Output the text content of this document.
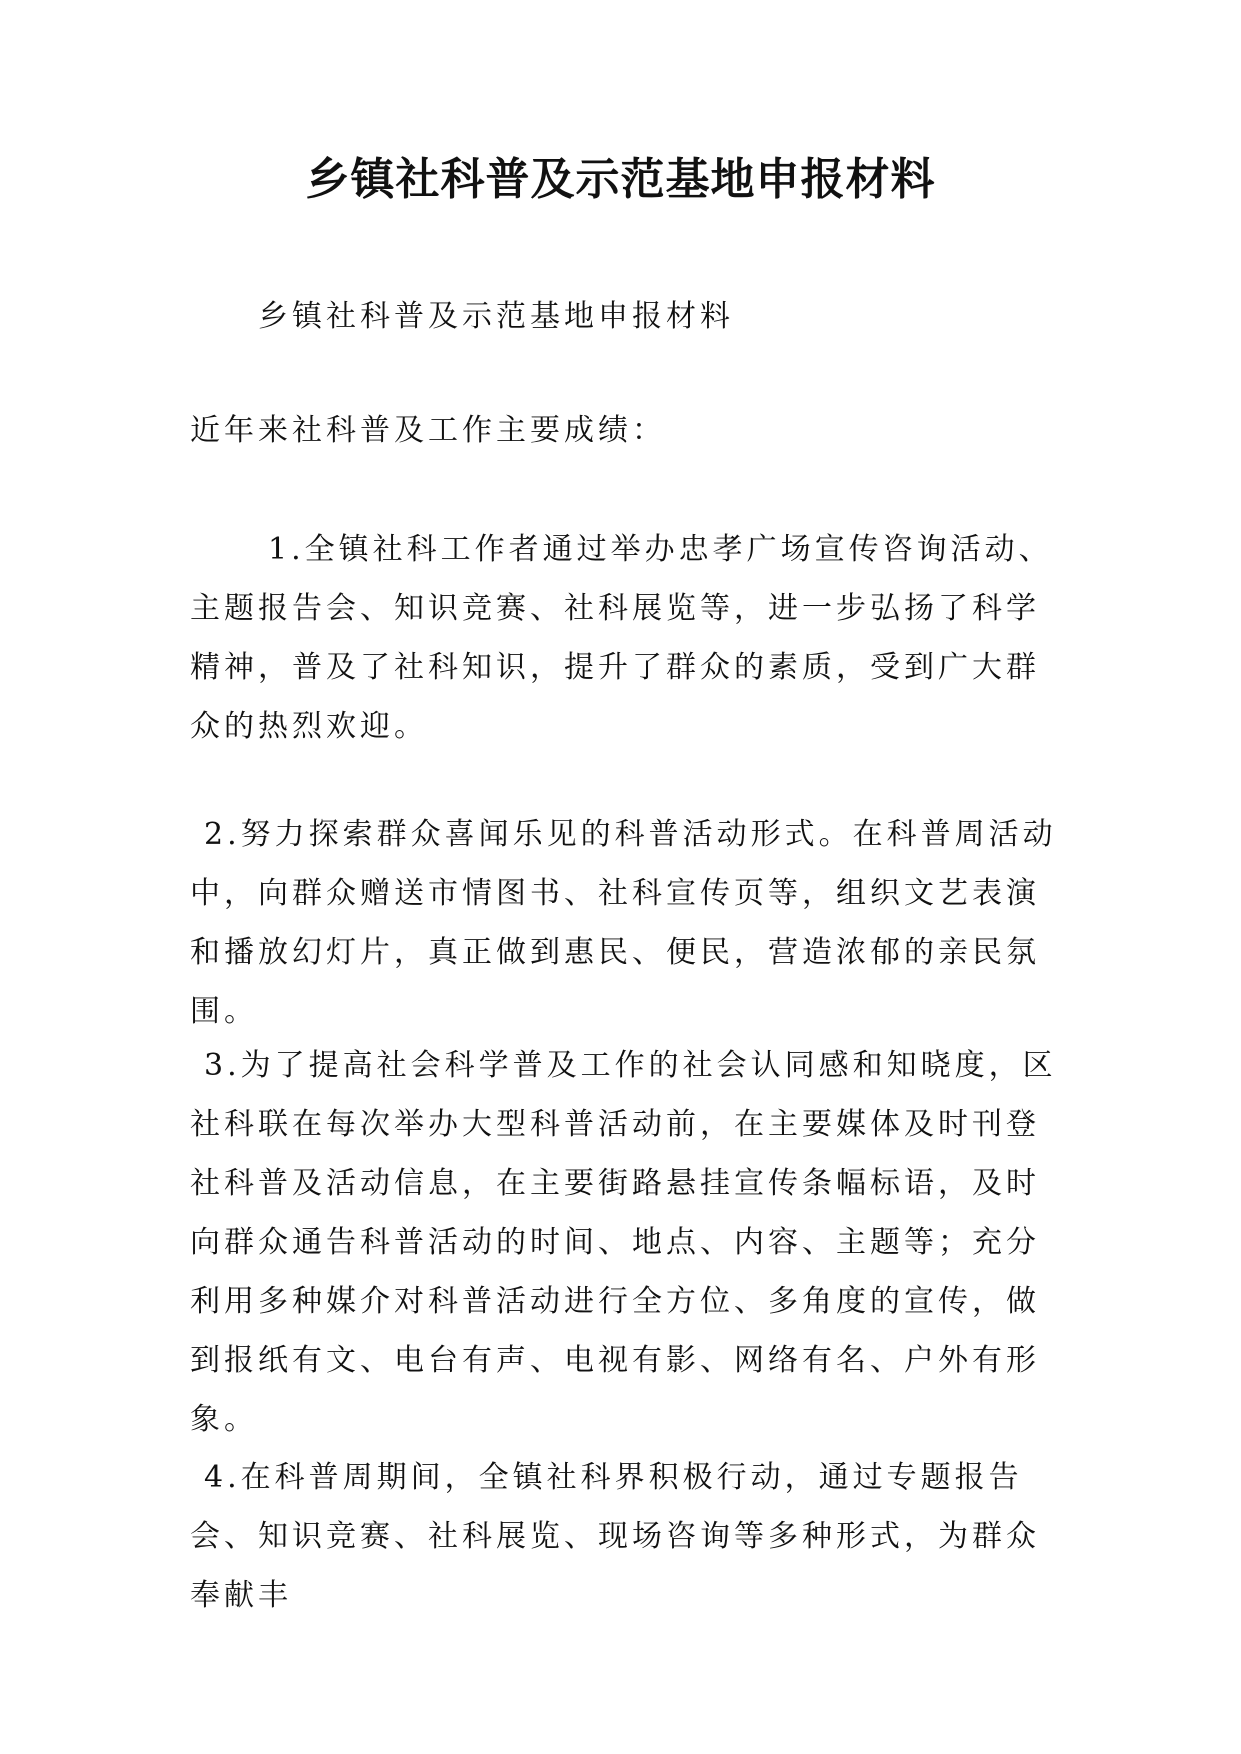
乡镇社科普及示范基地申报材料

乡镇社科普及示范基地申报材料

近年来社科普及工作主要成绩：

1.全镇社科工作者通过举办忠孝广场宣传咨询活动、主题报告会、知识竞赛、社科展览等，进一步弘扬了科学精神，普及了社科知识，提升了群众的素质，受到广大群众的热烈欢迎。

2.努力探索群众喜闻乐见的科普活动形式。在科普周活动中，向群众赠送市情图书、社科宣传页等，组织文艺表演和播放幻灯片，真正做到惠民、便民，营造浓郁的亲民氛围。

3.为了提高社会科学普及工作的社会认同感和知晓度，区社科联在每次举办大型科普活动前，在主要媒体及时刊登社科普及活动信息，在主要街路悬挂宣传条幅标语，及时向群众通告科普活动的时间、地点、内容、主题等；充分利用多种媒介对科普活动进行全方位、多角度的宣传，做到报纸有文、电台有声、电视有影、网络有名、户外有形象。

4.在科普周期间，全镇社科界积极行动，通过专题报告会、知识竞赛、社科展览、现场咨询等多种形式，为群众奉献丰
